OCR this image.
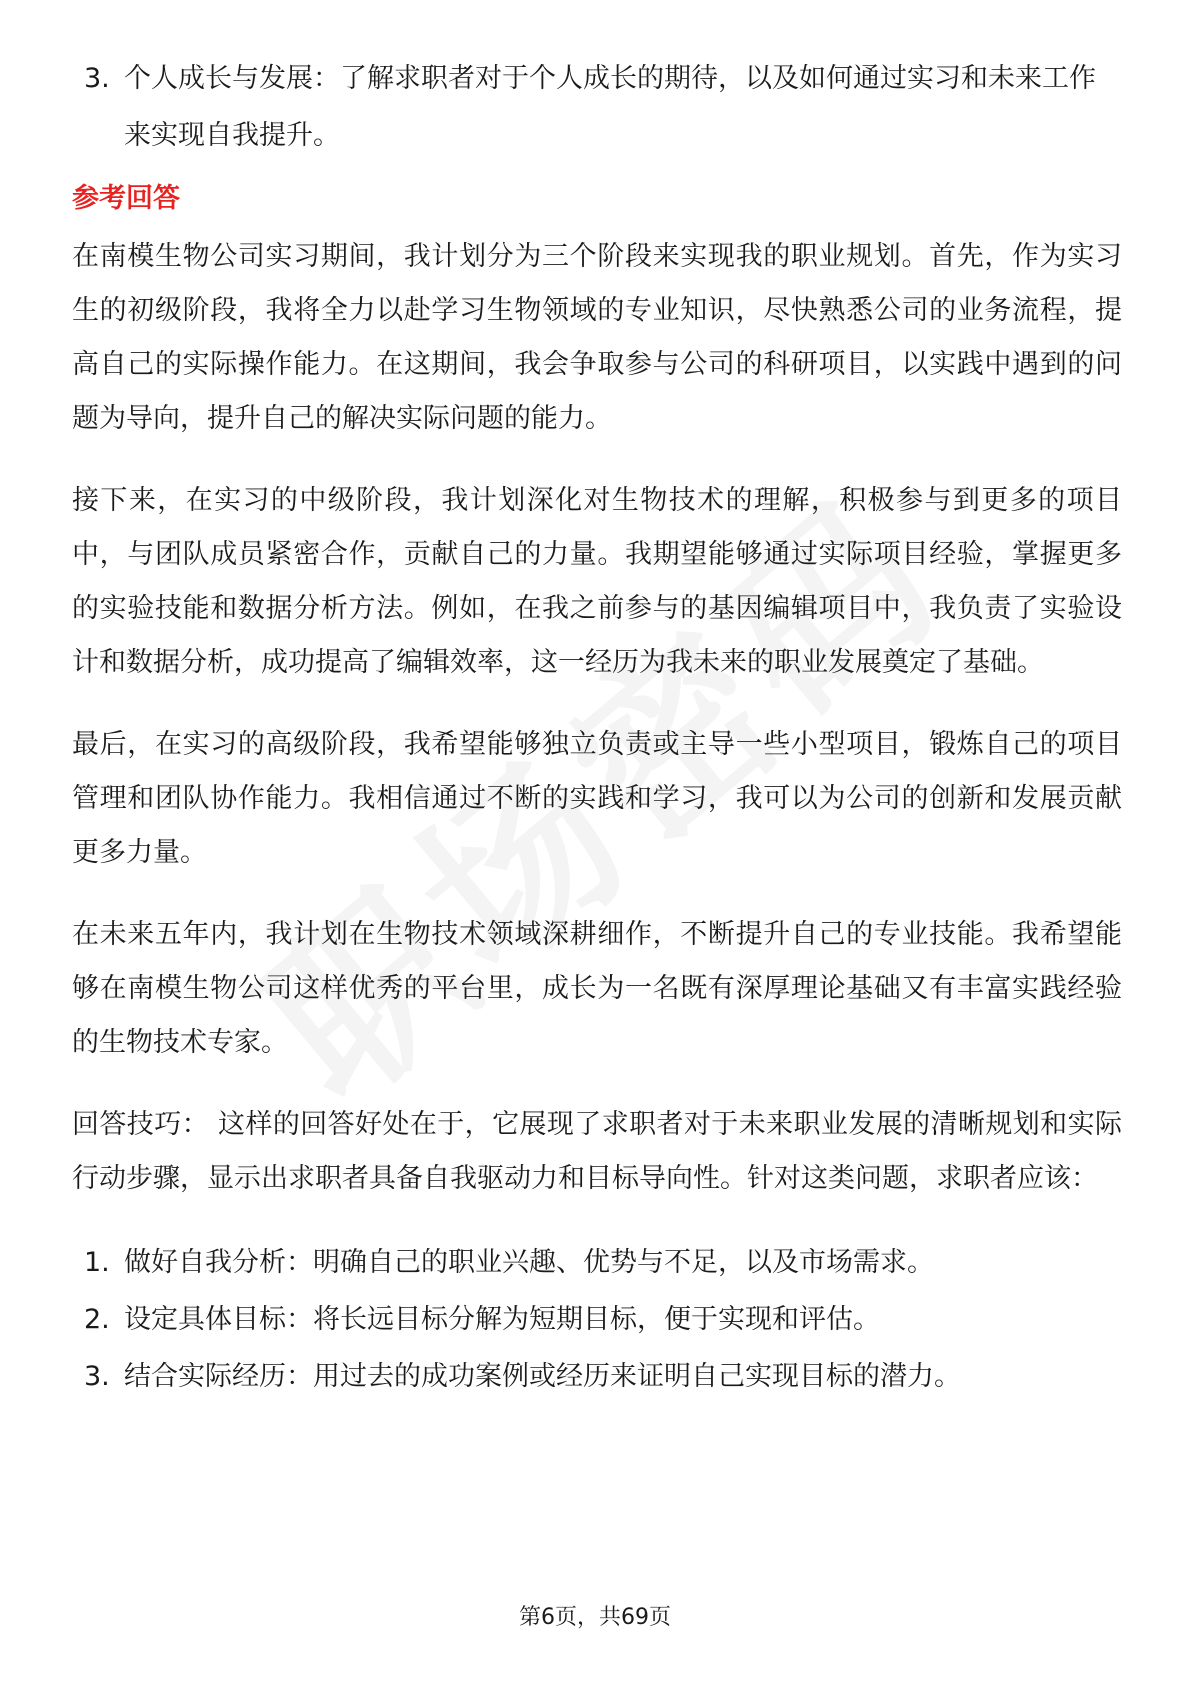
3. 个人成长与发展：了解求职者对于个人成长的期待，以及如何通过实习和未来工作来实现自我提升。
参考回答

在南模生物公司实习期间，我计划分为三个阶段来实现我的职业规划。首先，作为实习生的初级阶段，我将全力以赴学习生物领域的专业知识，尽快熟悉公司的业务流程，提高自己的实际操作能力。在这期间，我会争取参与公司的科研项目，以实践中遇到的问题为导向，提升自己的解决实际问题的能力。

接下来，在实习的中级阶段，我计划深化对生物技术的理解，积极参与到更多的项目中，与团队成员紧密合作，贡献自己的力量。我期望能够通过实际项目经验，掌握更多的实验技能和数据分析方法。例如，在我之前参与的基因编辑项目中，我负责了实验设计和数据分析，成功提高了编辑效率，这一经历为我未来的职业发展奠定了基础。

最后，在实习的高级阶段，我希望能够独立负责或主导一些小型项目，锻炼自己的项目管理和团队协作能力。我相信通过不断的实践和学习，我可以为公司的创新和发展贡献更多力量。

在未来五年内，我计划在生物技术领域深耕细作，不断提升自己的专业技能。我希望能够在南模生物公司这样优秀的平台里，成长为一名既有深厚理论基础又有丰富实践经验的生物技术专家。

回答技巧： 这样的回答好处在于，它展现了求职者对于未来职业发展的清晰规划和实际行动步骤，显示出求职者具备自我驱动力和目标导向性。针对这类问题，求职者应该：

1. 做好自我分析：明确自己的职业兴趣、优势与不足，以及市场需求。
2. 设定具体目标：将长远目标分解为短期目标，便于实现和评估。
3. 结合实际经历：用过去的成功案例或经历来证明自己实现目标的潜力。
第6页，共69页
